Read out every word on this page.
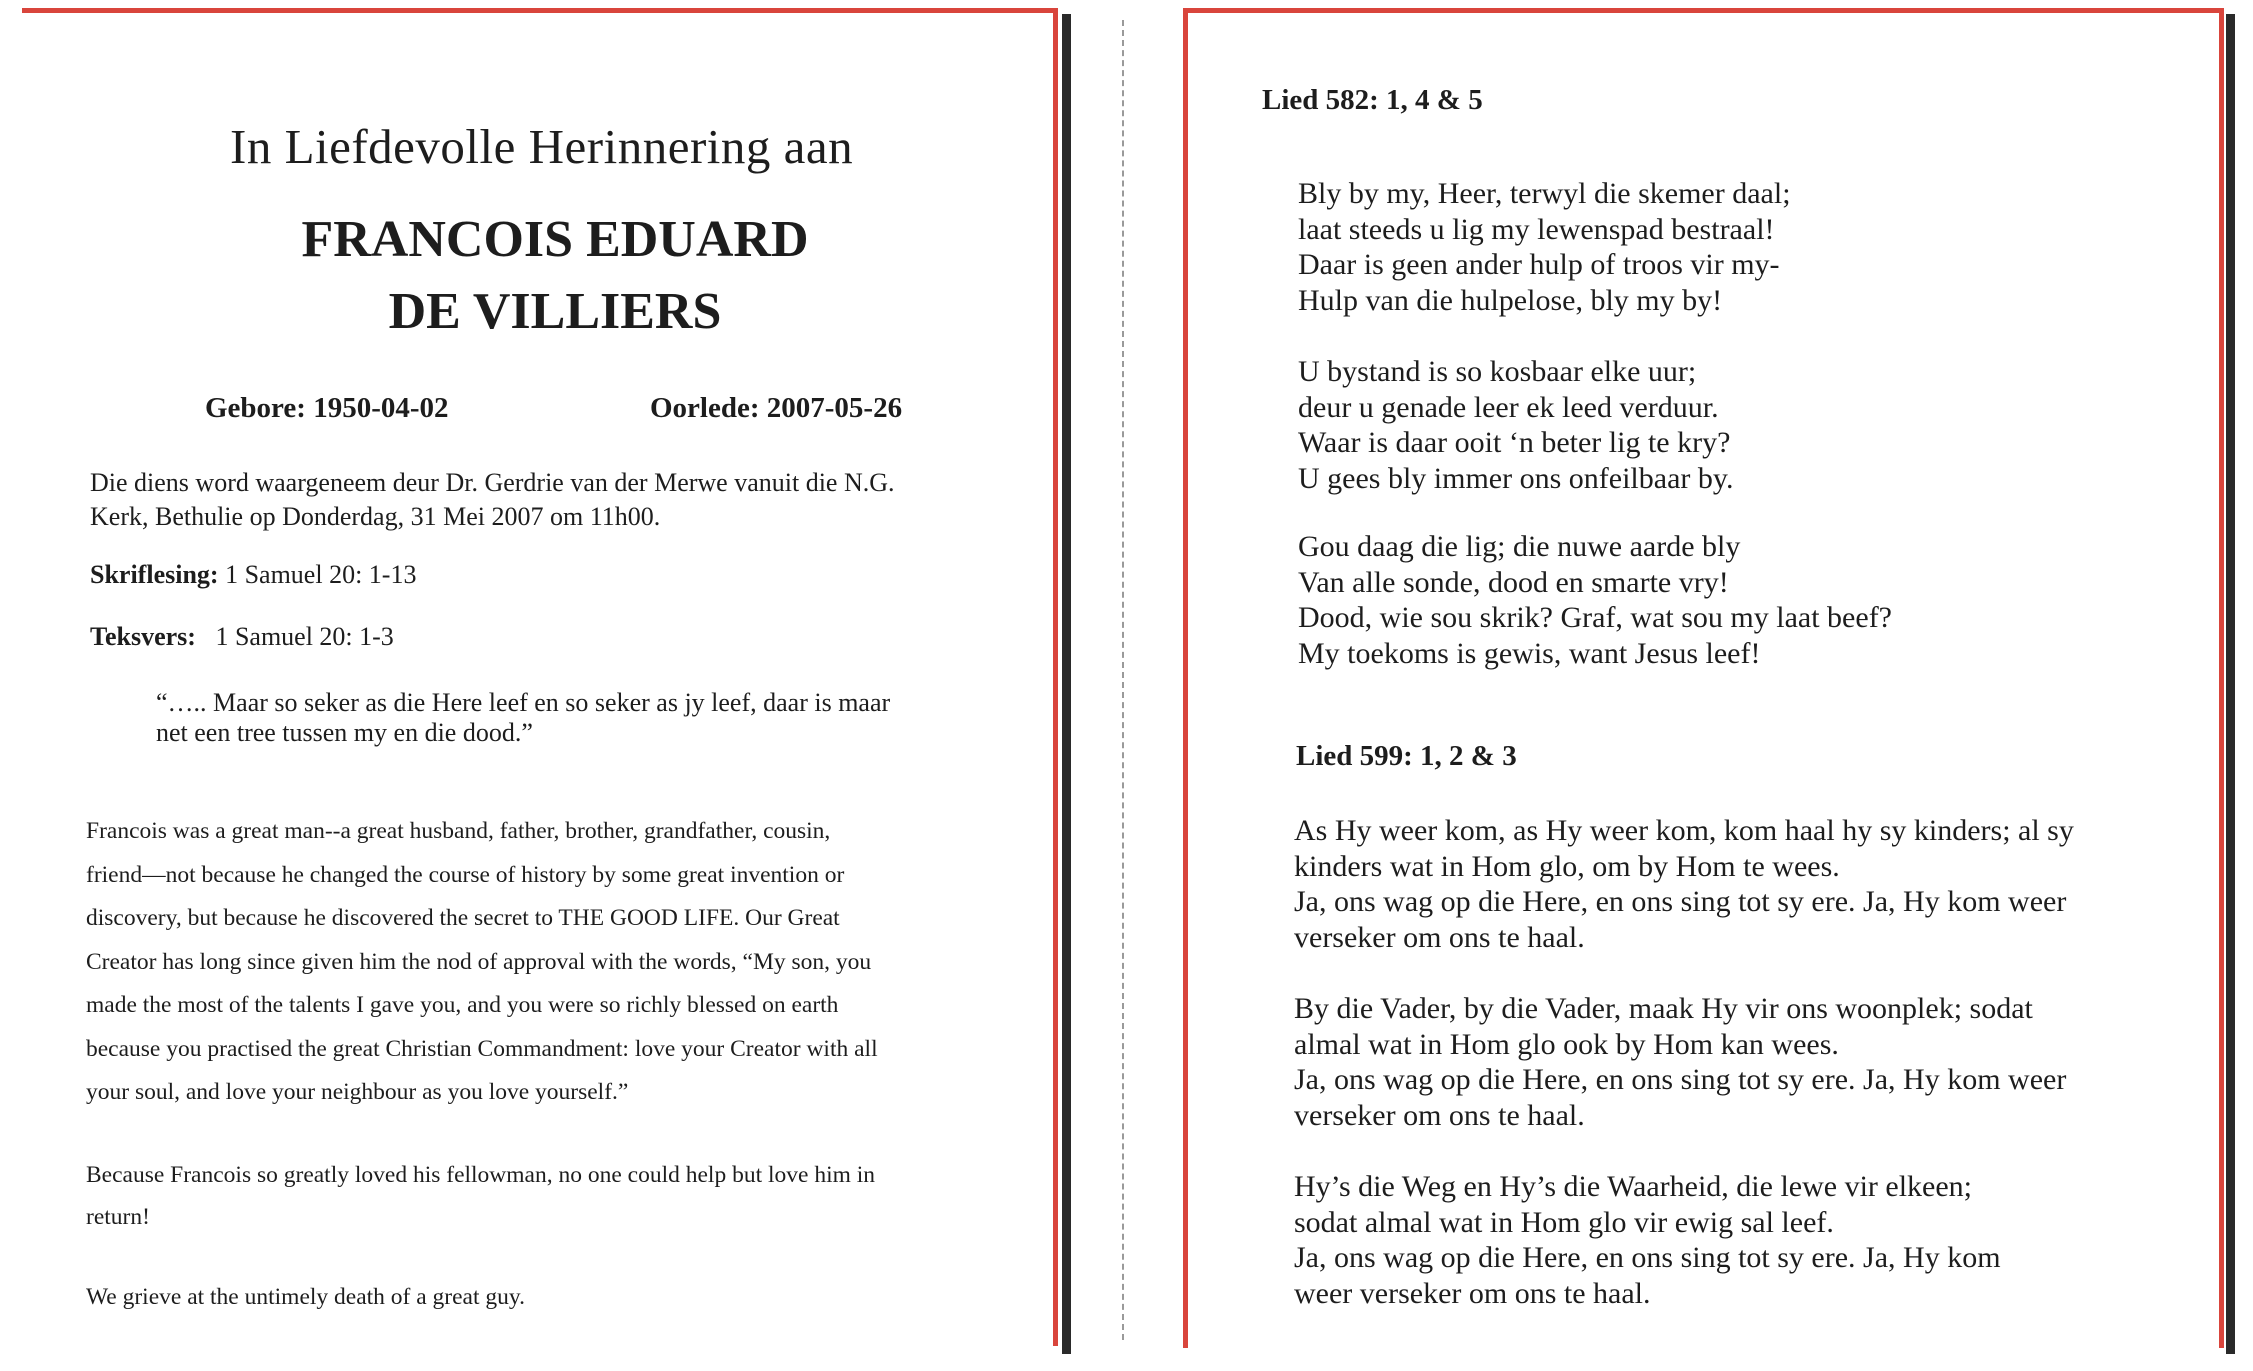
In Liefdevolle Herinnering aan
FRANCOIS EDUARD
DE VILLIERS
Gebore: 1950-04-02	Oorlede: 2007-05-26
Die diens word waargeneem deur Dr. Gerdrie van der Merwe vanuit die N.G.
Kerk, Bethulie op Donderdag, 31 Mei 2007 om 11h00.
Skriflesing: 1 Samuel 20: 1-13
Teksvers: 1 Samuel 20: 1-3
“….. Maar so seker as die Here leef en so seker as jy leef, daar is maar
net een tree tussen my en die dood.”
Francois was a great man--a great husband, father, brother, grandfather, cousin,
friend—not because he changed the course of history by some great invention or
discovery, but because he discovered the secret to THE GOOD LIFE. Our Great
Creator has long since given him the nod of approval with the words, “My son, you
made the most of the talents I gave you, and you were so richly blessed on earth
because you practised the great Christian Commandment: love your Creator with all
your soul, and love your neighbour as you love yourself.”
Because Francois so greatly loved his fellowman, no one could help but love him in
return!
We grieve at the untimely death of a great guy.
Lied 582: 1, 4 & 5
Bly by my, Heer, terwyl die skemer daal;
laat steeds u lig my lewenspad bestraal!
Daar is geen ander hulp of troos vir my-
Hulp van die hulpelose, bly my by!
U bystand is so kosbaar elke uur;
deur u genade leer ek leed verduur.
Waar is daar ooit ‘n beter lig te kry?
U gees bly immer ons onfeilbaar by.
Gou daag die lig; die nuwe aarde bly
Van alle sonde, dood en smarte vry!
Dood, wie sou skrik? Graf, wat sou my laat beef?
My toekoms is gewis, want Jesus leef!
Lied 599: 1, 2 & 3
As Hy weer kom, as Hy weer kom, kom haal hy sy kinders; al sy
kinders wat in Hom glo, om by Hom te wees.
Ja, ons wag op die Here, en ons sing tot sy ere. Ja, Hy kom weer
verseker om ons te haal.
By die Vader, by die Vader, maak Hy vir ons woonplek; sodat
almal wat in Hom glo ook by Hom kan wees.
Ja, ons wag op die Here, en ons sing tot sy ere. Ja, Hy kom weer
verseker om ons te haal.
Hy’s die Weg en Hy’s die Waarheid, die lewe vir elkeen;
sodat almal wat in Hom glo vir ewig sal leef.
Ja, ons wag op die Here, en ons sing tot sy ere. Ja, Hy kom
weer verseker om ons te haal.
